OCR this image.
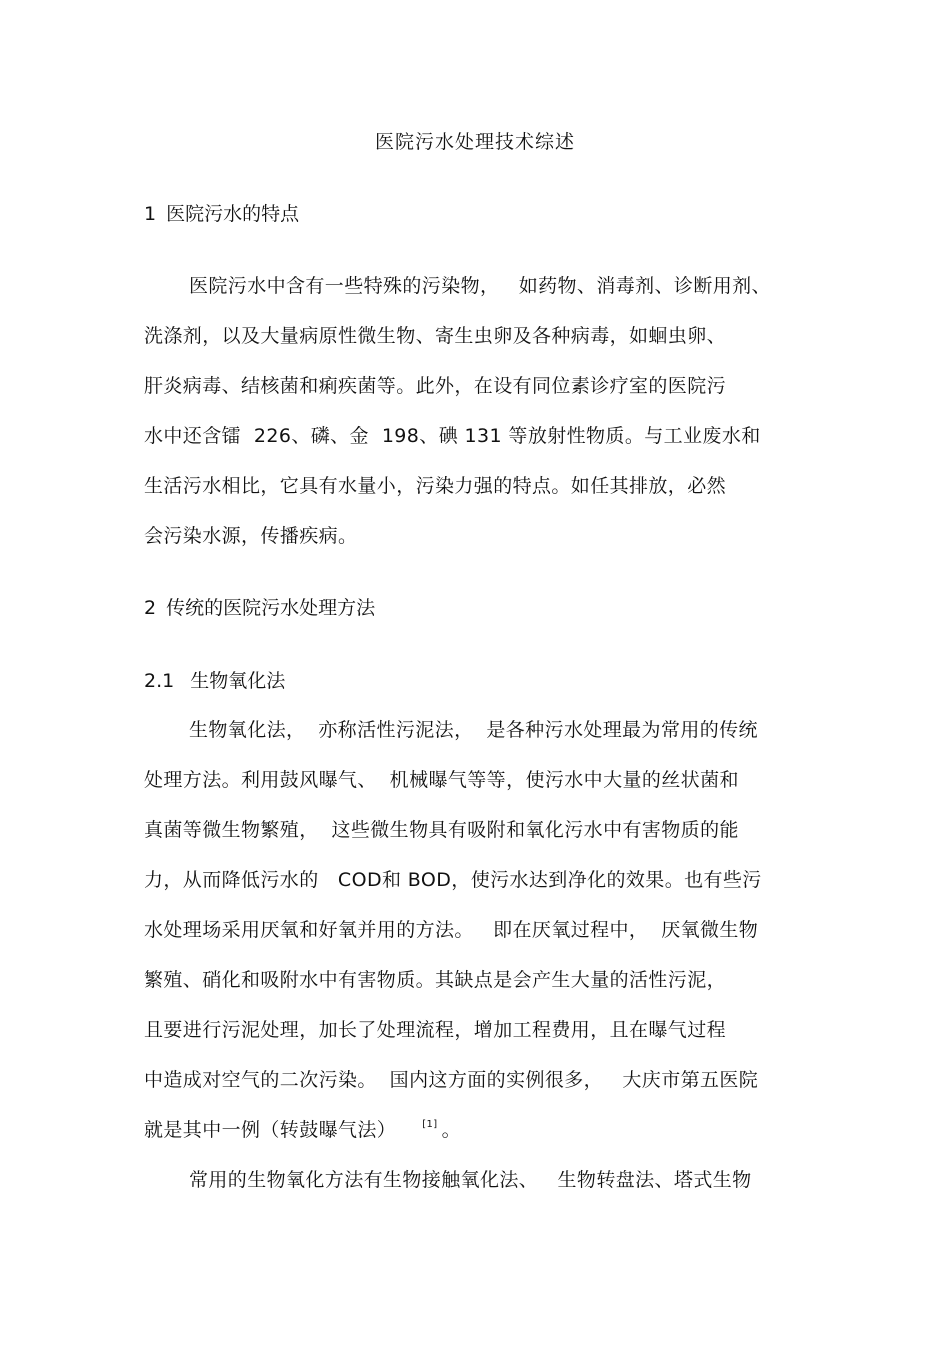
医院污水处理技术综述
1 医院污水的特点
医院污水中含有一些特殊的污染物，   如药物、消毒剂、诊断用剂、
洗涤剂，以及大量病原性微生物、寄生虫卵及各种病毒，如蛔虫卵、
肝炎病毒、结核菌和痢疾菌等。此外，在设有同位素诊疗室的医院污
水中还含镭  226、磷、金  198、碘 131 等放射性物质。与工业废水和
生活污水相比，它具有水量小，污染力强的特点。如任其排放，必然
会污染水源，传播疾病。
2 传统的医院污水处理方法
2.1 生物氧化法
生物氧化法，  亦称活性污泥法，  是各种污水处理最为常用的传统
处理方法。利用鼓风曝气、  机械曝气等等，使污水中大量的丝状菌和
真菌等微生物繁殖，  这些微生物具有吸附和氧化污水中有害物质的能
力，从而降低污水的   COD和 BOD，使污水达到净化的效果。也有些污
水处理场采用厌氧和好氧并用的方法。   即在厌氧过程中，  厌氧微生物
繁殖、硝化和吸附水中有害物质。其缺点是会产生大量的活性污泥，
且要进行污泥处理，加长了处理流程，增加工程费用，且在曝气过程
中造成对空气的二次污染。  国内这方面的实例很多，   大庆市第五医院
就是其中一例（转鼓曝气法）	[1] 。
常用的生物氧化方法有生物接触氧化法、   生物转盘法、塔式生物
